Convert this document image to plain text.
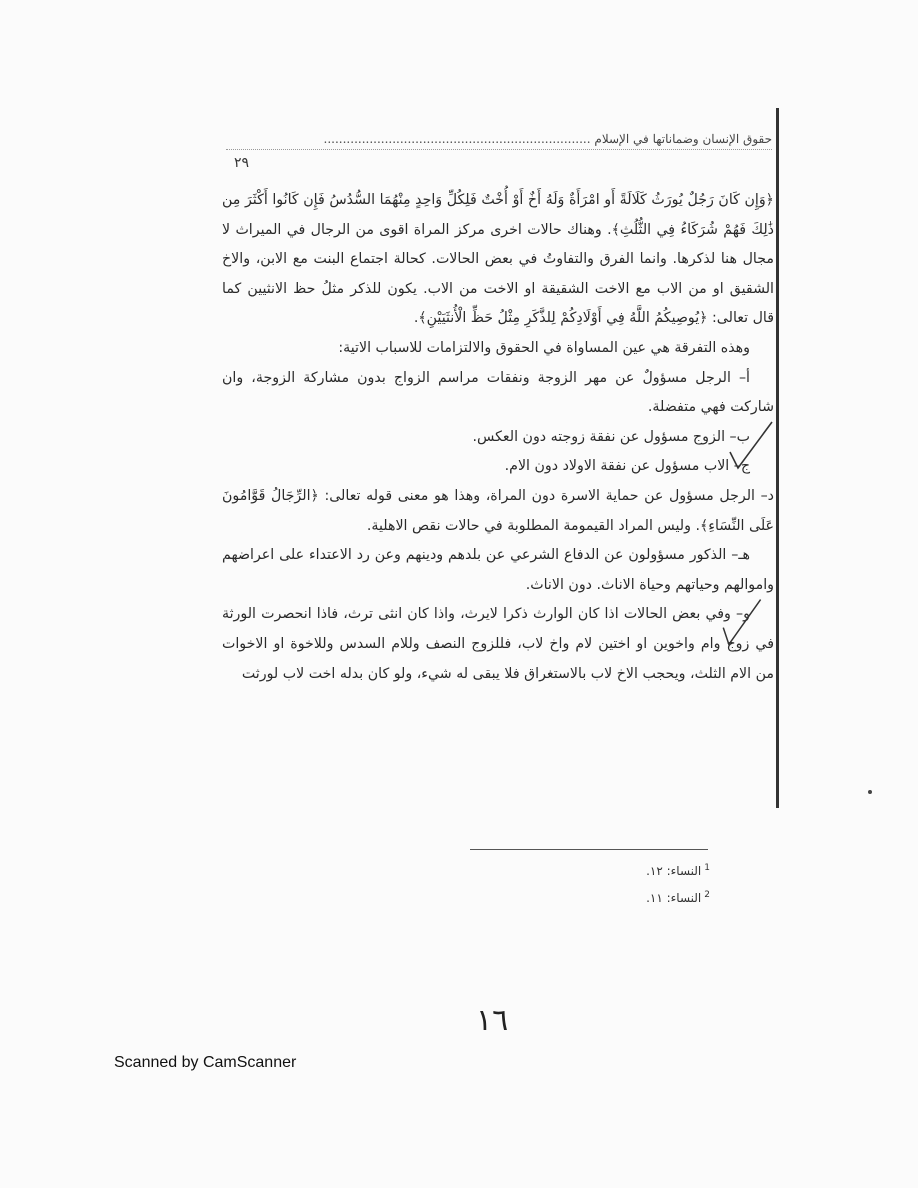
حقوق الإنسان وضماناتها في الإسلام ......................................................................
٢٩

﴿وَإِن كَانَ رَجُلٌ يُورَثُ كَلَالَةً أَو امْرَأَةٌ وَلَهُ أَخٌ أَوْ أُخْتٌ فَلِكُلِّ وَاحِدٍ مِنْهُمَا السُّدُسُ فَإِن كَانُوا أَكْثَرَ مِن ذَٰلِكَ فَهُمْ شُرَكَاءُ فِي الثُّلُثِ﴾. وهناك حالات اخرى مركز المراة اقوى من الرجال في الميراث لا مجال هنا لذكرها. وانما الفرق والتفاوتُ في بعض الحالات. كحالة اجتماع البنت مع الابن، والاخ الشقيق او من الاب مع الاخت الشقيقة او الاخت من الاب. يكون للذكر مثلُ حظ الانثيين كما قال تعالى: ﴿يُوصِيكُمُ اللَّهُ فِي أَوْلَادِكُمْ لِلذَّكَرِ مِثْلُ حَظِّ الْأُنثَيَيْنِ﴾.

وهذه التفرقة هي عين المساواة في الحقوق والالتزامات للاسباب الاتية:

أ– الرجل مسؤولٌ عن مهر الزوجة ونفقات مراسم الزواج بدون مشاركة الزوجة، وان شاركت فهي متفضلة.

ب– الزوج مسؤول عن نفقة زوجته دون العكس.

ج– الاب مسؤول عن نفقة الاولاد دون الام.

د– الرجل مسؤول عن حماية الاسرة دون المراة، وهذا هو معنى قوله تعالى: ﴿الرِّجَالُ قَوَّامُونَ عَلَى النِّسَاءِ﴾. وليس المراد القيمومة المطلوبة في حالات نقص الاهلية.

هـ– الذكور مسؤولون عن الدفاع الشرعي عن بلدهم ودينهم وعن رد الاعتداء على اعراضهم واموالهم وحياتهم وحياة الاناث. دون الاناث.

و– وفي بعض الحالات اذا كان الوارث ذكرا لايرث، واذا كان انثى ترث، فاذا انحصرت الورثة في زوج وام واخوين او اختين لام واخ لاب، فللزوج النصف وللام السدس وللاخوة او الاخوات من الام الثلث، ويحجب الاخ لاب بالاستغراق فلا يبقى له شيء، ولو كان بدله اخت لاب لورثت

$^1$النساء: ١٢.
$^2$النساء: ١١.
١٦
Scanned by CamScanner
